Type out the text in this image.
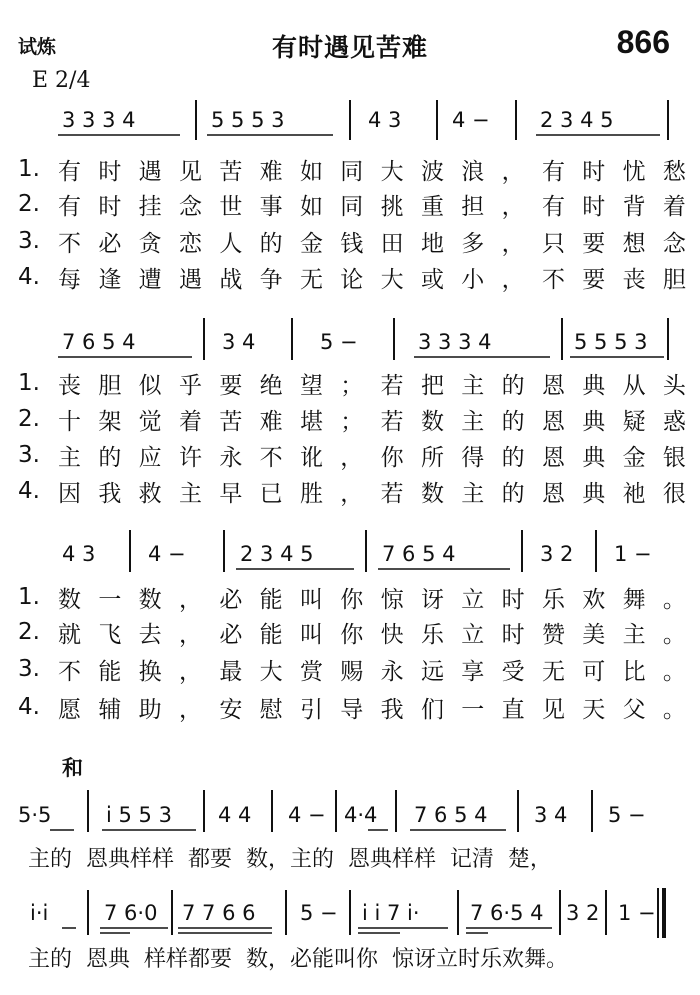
试炼	有时遇见苦难	866
E 2/4
3 3 3 4	5 5 5 3	4 3 4 − 2 3 4 5
7 6 5 4	3 4	5 −	3 3 3 4	5 5 5 3
4 3	4 −	2 3 4 5	7 6 5 4	3 2 1 −
5·5	i 5 5 3 4 4 4 − 4·4 7 6 5 4 3 4 5 −
i·i	7 6·0 7 7 6 6 5 − i i 7 i· 7 6·5 4 3 2 1 −
1. 有 时 遇 见 苦 难 如 同 大 波 浪 ， 有 时 忧 愁
2. 有 时 挂 念 世 事 如 同 挑 重 担 ， 有 时 背 着
3. 不 必 贪 恋 人 的 金 钱 田 地 多 ， 只 要 想 念
4. 每 逢 遭 遇 战 争 无 论 大 或 小 ， 不 要 丧 胆
1. 丧 胆 似 乎 要 绝 望 ； 若 把 主 的 恩 典 从 头
2. 十 架 觉 着 苦 难 堪 ； 若 数 主 的 恩 典 疑 惑
3. 主 的 应 许 永 不 讹 ， 你 所 得 的 恩 典 金 银
4. 因 我 救 主 早 已 胜 ， 若 数 主 的 恩 典 祂 很
1. 数 一 数 ， 必 能 叫 你 惊 讶 立 时 乐 欢 舞 。
2. 就 飞 去 ， 必 能 叫 你 快 乐 立 时 赞 美 主 。
3. 不 能 换 ， 最 大 赏 赐 永 远 享 受 无 可 比 。
4. 愿 辅 助 ， 安 慰 引 导 我 们 一 直 见 天 父 。
和
主的  恩典样样  都要  数，主的  恩典样样  记清  楚，
主的  恩典  样样都要  数，必能叫你  惊讶立时乐欢舞。
